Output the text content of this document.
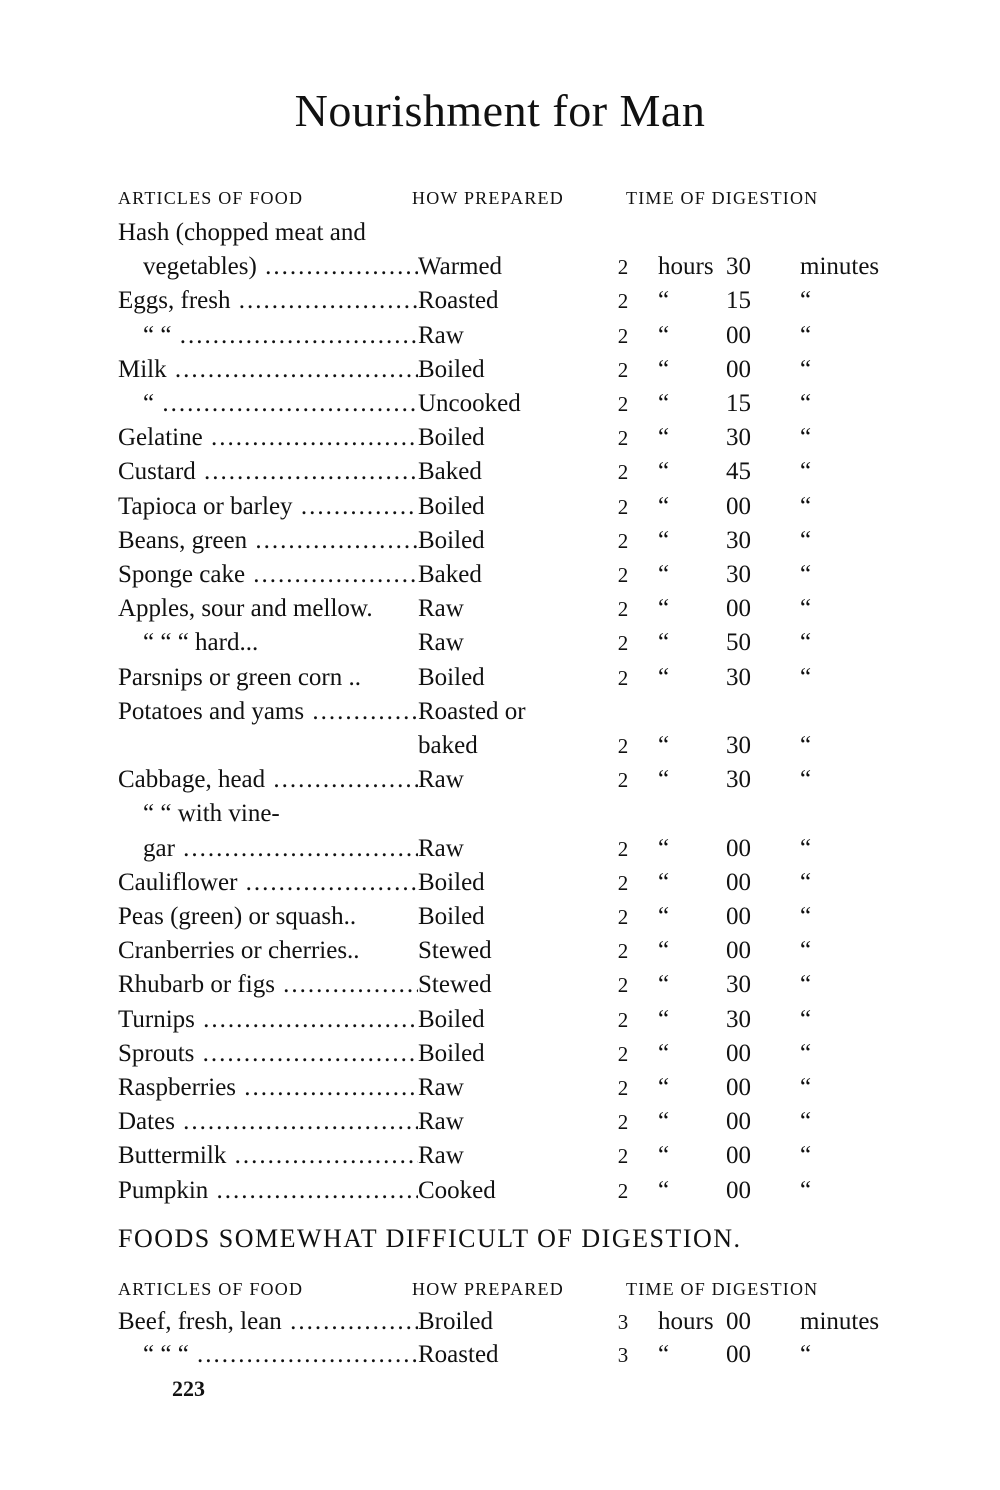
Nourishment for Man
ARTICLES OF FOOD	HOW PREPARED	TIME OF DIGESTION
Hash (chopped meat and
vegetables) .....	Warmed	2 hours 30	minutes
Eggs, fresh .....	Roasted	2 “ 15	“
“ “ .....	Raw	2 “ 00	“
Milk .....	Boiled	2 “ 00	“
“ .....	Uncooked	2 “ 15	“
Gelatine .....	Boiled	2 “ 30	“
Custard .....	Baked	2 “ 45	“
Tapioca or barley .....	Boiled	2 “ 00	“
Beans, green .....	Boiled	2 “ 30	“
Sponge cake .....	Baked	2 “ 30	“
Apples, sour and mellow.	Raw	2 “ 00	“
“ “ “ hard...	Raw	2 “ 50	“
Parsnips or green corn ..	Boiled	2 “ 30	“
Potatoes and yams .....	Roasted or
baked	2 “ 30	“
Cabbage, head .....	Raw	2 “ 30	“
“ “ with vine-
gar .....	Raw	2 “ 00	“
Cauliflower .....	Boiled	2 “ 00	“
Peas (green) or squash..	Boiled	2 “ 00	“
Cranberries or cherries..	Stewed	2 “ 00	“
Rhubarb or figs .....	Stewed	2 “ 30	“
Turnips .....	Boiled	2 “ 30	“
Sprouts .....	Boiled	2 “ 00	“
Raspberries .....	Raw	2 “ 00	“
Dates .....	Raw	2 “ 00	“
Buttermilk .....	Raw	2 “ 00	“
Pumpkin .....	Cooked	2 “ 00	“
FOODS SOMEWHAT DIFFICULT OF DIGESTION.
ARTICLES OF FOOD	HOW PREPARED	TIME OF DIGESTION
Beef, fresh, lean .....	Broiled	3 hours 00	minutes
“ “ “ .....	Roasted	3 “ 00	“
223
